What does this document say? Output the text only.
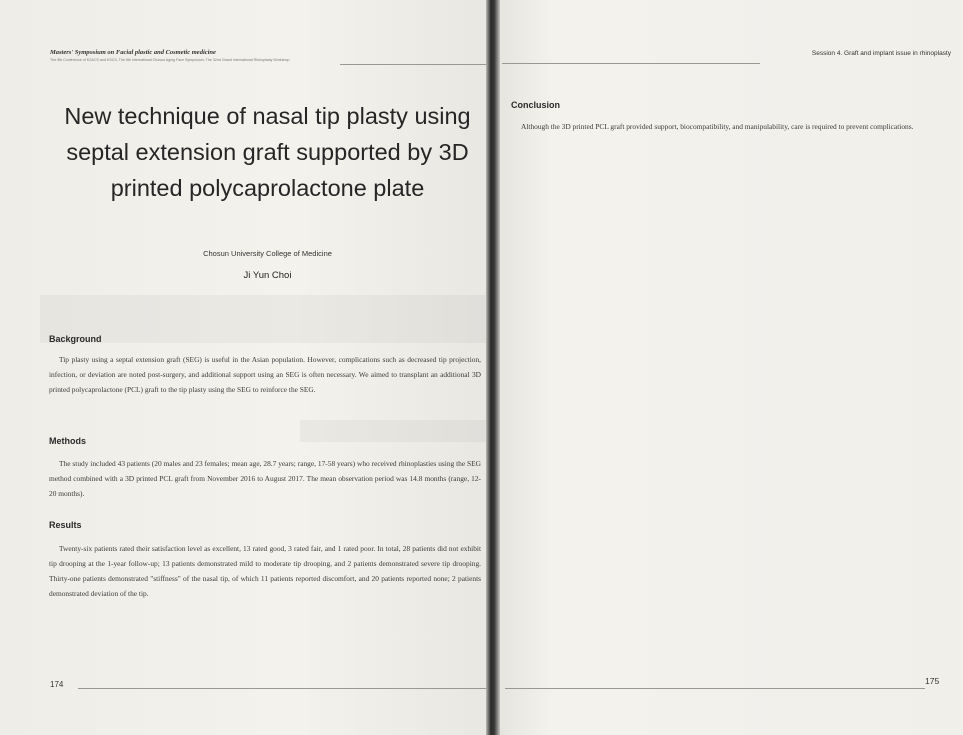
Masters' Symposium on Facial plastic and Cosmetic medicine
The 5th Conference of KSACS and KSCS, The 6th International Chosun Aging Face Symposium, The 32nd Grand International Rhinoplasty Workshop
New technique of nasal tip plasty using septal extension graft supported by 3D printed polycaprolactone plate
Chosun University College of Medicine
Ji Yun Choi
Background
Tip plasty using a septal extension graft (SEG) is useful in the Asian population. However, complications such as decreased tip projection, infection, or deviation are noted post-surgery, and additional support using an SEG is often necessary. We aimed to transplant an additional 3D printed polycaprolactone (PCL) graft to the tip plasty using the SEG to reinforce the SEG.
Methods
The study included 43 patients (20 males and 23 females; mean age, 28.7 years; range, 17-58 years) who received rhinoplasties using the SEG method combined with a 3D printed PCL graft from November 2016 to August 2017. The mean observation period was 14.8 months (range, 12-20 months).
Results
Twenty-six patients rated their satisfaction level as excellent, 13 rated good, 3 rated fair, and 1 rated poor. In total, 28 patients did not exhibit tip drooping at the 1-year follow-up; 13 patients demonstrated mild to moderate tip drooping, and 2 patients demonstrated severe tip drooping. Thirty-one patients demonstrated "stiffness" of the nasal tip, of which 11 patients reported discomfort, and 20 patients reported none; 2 patients demonstrated deviation of the tip.
174
Session 4. Graft and implant issue in rhinoplasty
Conclusion
Although the 3D printed PCL graft provided support, biocompatibility, and manipulability, care is required to prevent complications.
175
